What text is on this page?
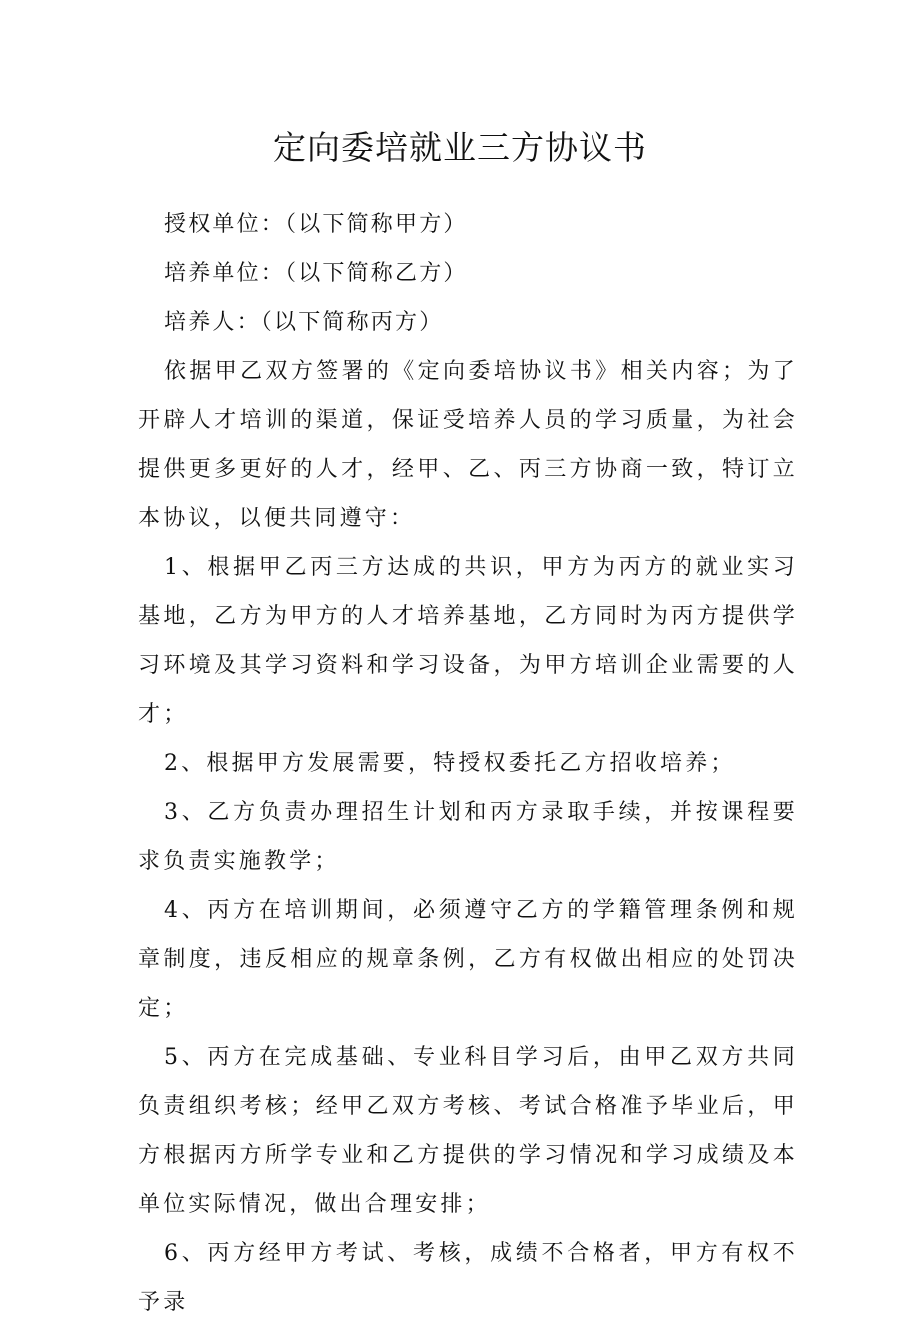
定向委培就业三方协议书

授权单位：（以下简称甲方）

培养单位：（以下简称乙方）

培养人：（以下简称丙方）

依据甲乙双方签署的《定向委培协议书》相关内容；为了开辟人才培训的渠道，保证受培养人员的学习质量，为社会提供更多更好的人才，经甲、乙、丙三方协商一致，特订立本协议，以便共同遵守：

1、根据甲乙丙三方达成的共识，甲方为丙方的就业实习基地，乙方为甲方的人才培养基地，乙方同时为丙方提供学习环境及其学习资料和学习设备，为甲方培训企业需要的人才；

2、根据甲方发展需要，特授权委托乙方招收培养；

3、乙方负责办理招生计划和丙方录取手续，并按课程要求负责实施教学；

4、丙方在培训期间，必须遵守乙方的学籍管理条例和规章制度，违反相应的规章条例，乙方有权做出相应的处罚决定；

5、丙方在完成基础、专业科目学习后，由甲乙双方共同负责组织考核；经甲乙双方考核、考试合格准予毕业后，甲方根据丙方所学专业和乙方提供的学习情况和学习成绩及本单位实际情况，做出合理安排；

6、丙方经甲方考试、考核，成绩不合格者，甲方有权不予录
